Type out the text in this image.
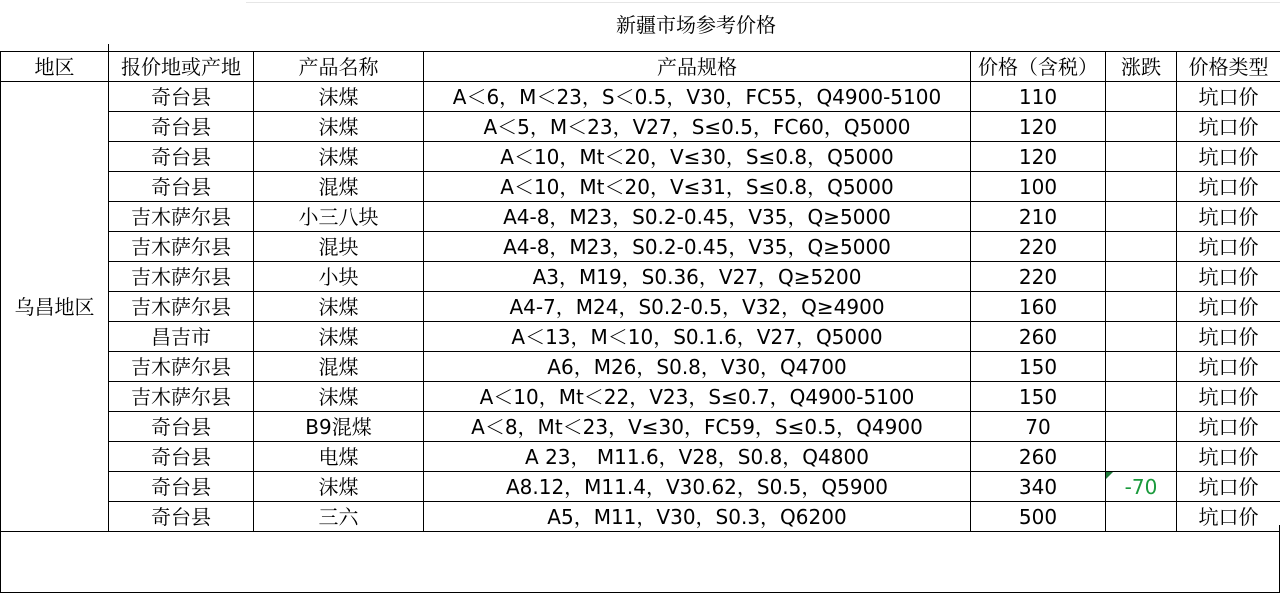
新疆市场参考价格
地区	报价地或产地	产品名称	产品规格	价格（含税）	涨跌	价格类型
乌昌地区	奇台县	沫煤	A＜6，M＜23，S＜0.5，V30，FC55，Q4900-5100	110		坑口价
	奇台县	沫煤	A＜5，M＜23，V27，S≤0.5，FC60，Q5000	120		坑口价
	奇台县	沫煤	A＜10，Mt＜20，V≤30，S≤0.8，Q5000	120		坑口价
	奇台县	混煤	A＜10，Mt＜20，V≤31，S≤0.8，Q5000	100		坑口价
	吉木萨尔县	小三八块	A4-8，M23，S0.2-0.45，V35，Q≥5000	210		坑口价
	吉木萨尔县	混块	A4-8，M23，S0.2-0.45，V35，Q≥5000	220		坑口价
	吉木萨尔县	小块	A3，M19，S0.36，V27，Q≥5200	220		坑口价
	吉木萨尔县	沫煤	A4-7，M24，S0.2-0.5，V32，Q≥4900	160		坑口价
	昌吉市	沫煤	A＜13，M＜10，S0.1.6，V27，Q5000	260		坑口价
	吉木萨尔县	混煤	A6，M26，S0.8，V30，Q4700	150		坑口价
	吉木萨尔县	沫煤	A＜10，Mt＜22，V23，S≤0.7，Q4900-5100	150		坑口价
	奇台县	B9混煤	A＜8，Mt＜23，V≤30，FC59，S≤0.5，Q4900	70		坑口价
	奇台县	电煤	A 23， M11.6，V28，S0.8，Q4800	260		坑口价
	奇台县	沫煤	A8.12，M11.4，V30.62，S0.5，Q5900	340	-70	坑口价
	奇台县	三六	A5，M11，V30，S0.3，Q6200	500		坑口价
